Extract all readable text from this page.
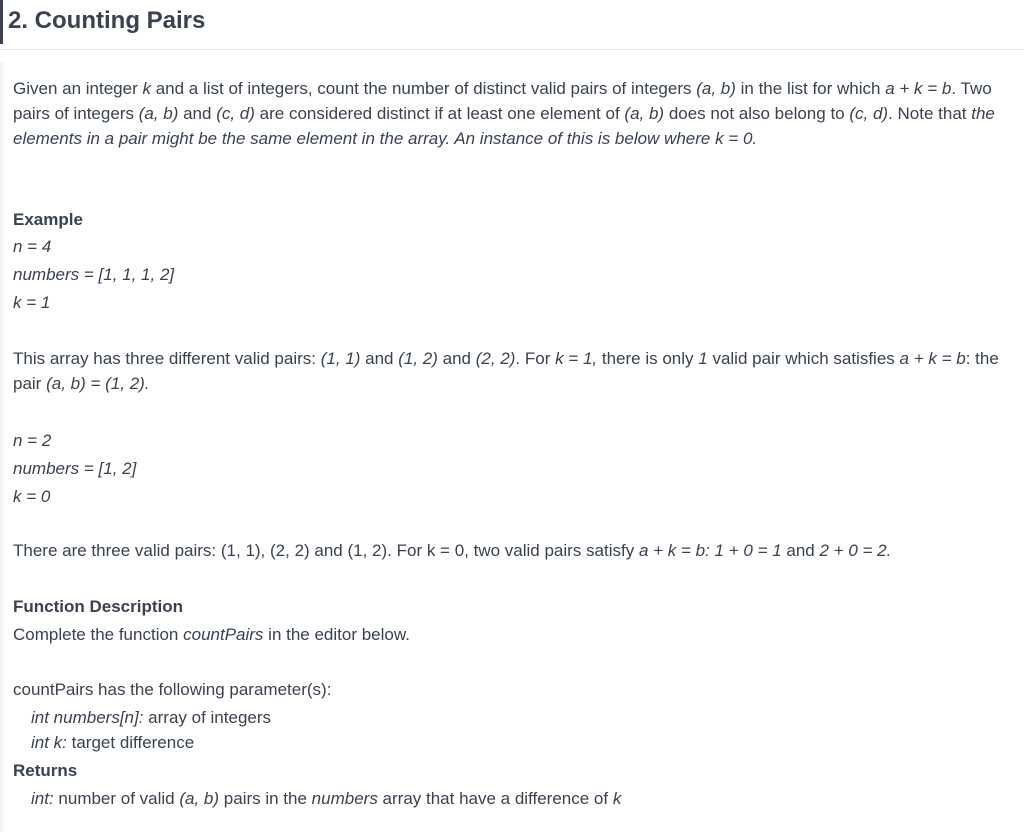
2. Counting Pairs

Given an integer k and a list of integers, count the number of distinct valid pairs of integers (a, b) in the list for which a + k = b. Two pairs of integers (a, b) and (c, d) are considered distinct if at least one element of (a, b) does not also belong to (c, d). Note that the elements in a pair might be the same element in the array. An instance of this is below where k = 0.

Example

n = 4

numbers = [1, 1, 1, 2]

k = 1

This array has three different valid pairs: (1, 1) and (1, 2) and (2, 2). For k = 1, there is only 1 valid pair which satisfies a + k = b: the pair (a, b) = (1, 2).

n = 2

numbers = [1, 2]

k = 0

There are three valid pairs: (1, 1), (2, 2) and (1, 2). For k = 0, two valid pairs satisfy a + k = b: 1 + 0 = 1 and 2 + 0 = 2.

Function Description

Complete the function countPairs in the editor below.

countPairs has the following parameter(s):

int numbers[n]: array of integers

int k: target difference

Returns

int: number of valid (a, b) pairs in the numbers array that have a difference of k
